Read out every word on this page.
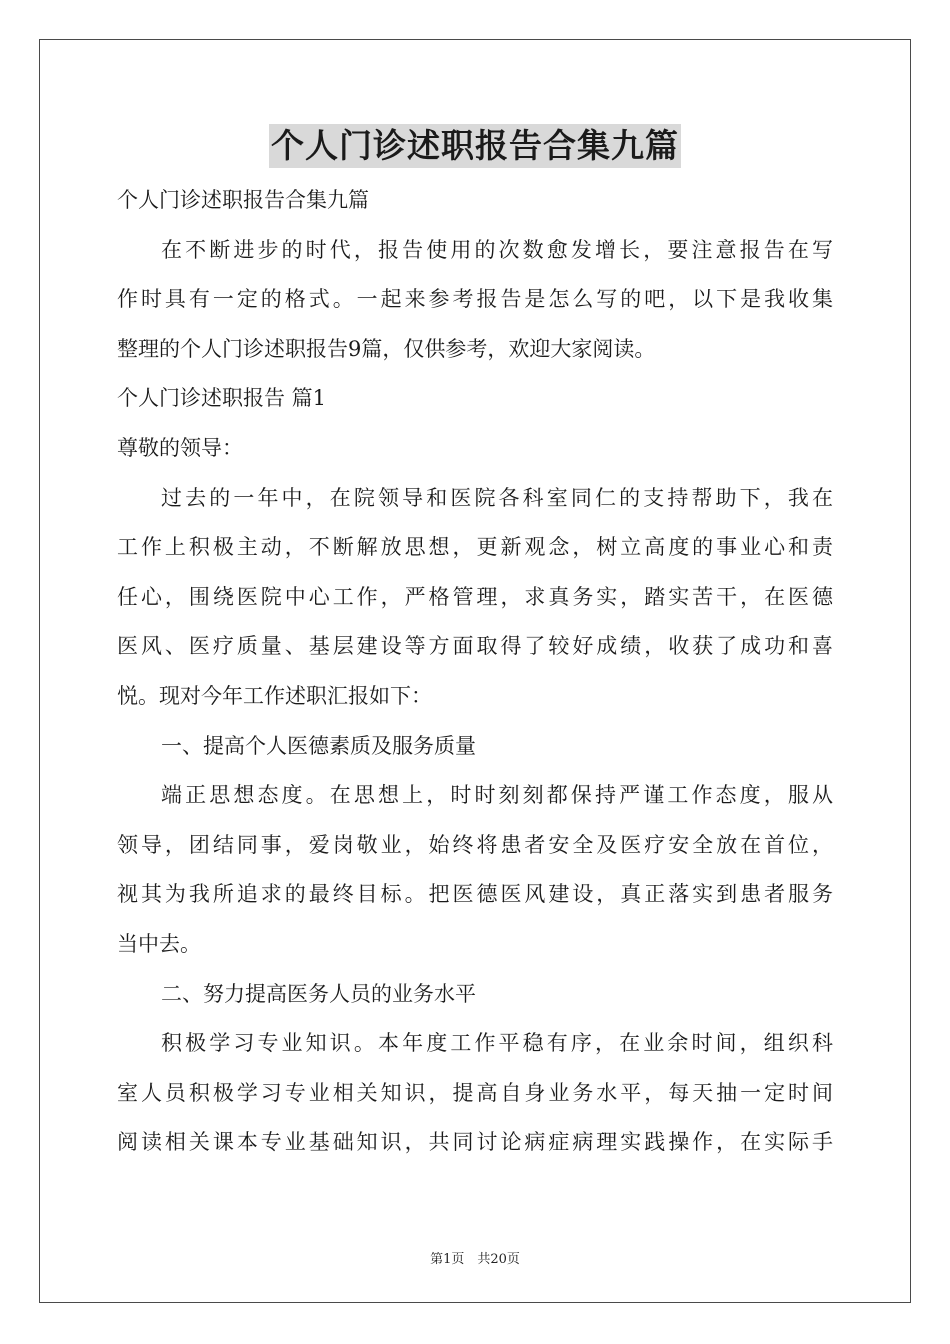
个人门诊述职报告合集九篇
个人门诊述职报告合集九篇
在不断进步的时代，报告使用的次数愈发增长，要注意报告在写
作时具有一定的格式。一起来参考报告是怎么写的吧，以下是我收集
整理的个人门诊述职报告9篇，仅供参考，欢迎大家阅读。
个人门诊述职报告 篇1
尊敬的领导：
过去的一年中，在院领导和医院各科室同仁的支持帮助下，我在
工作上积极主动，不断解放思想，更新观念，树立高度的事业心和责
任心，围绕医院中心工作，严格管理，求真务实，踏实苦干，在医德
医风、医疗质量、基层建设等方面取得了较好成绩，收获了成功和喜
悦。现对今年工作述职汇报如下：
一、提高个人医德素质及服务质量
端正思想态度。在思想上，时时刻刻都保持严谨工作态度，服从
领导，团结同事，爱岗敬业，始终将患者安全及医疗安全放在首位，
视其为我所追求的最终目标。把医德医风建设，真正落实到患者服务
当中去。
二、努力提高医务人员的业务水平
积极学习专业知识。本年度工作平稳有序，在业余时间，组织科
室人员积极学习专业相关知识，提高自身业务水平，每天抽一定时间
阅读相关课本专业基础知识，共同讨论病症病理实践操作，在实际手
第1页　共20页
